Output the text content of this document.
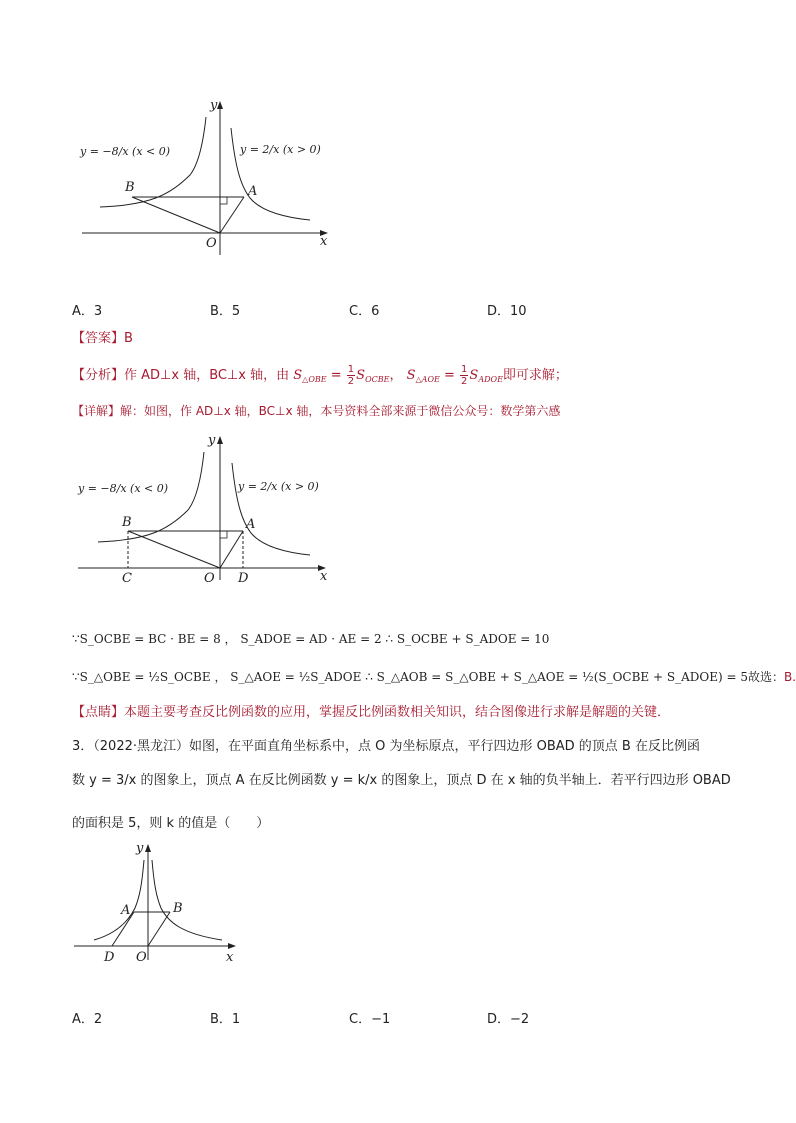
y = −8/x (x < 0)	y = 2/x (x > 0)
B	A
O	x
y
A．3	B．5	C．6	D．10
【答案】B
【分析】作 AD⊥x 轴，BC⊥x 轴，由 $S_{\triangle OBE} = \frac{1}{2} S_{OCBE}$， $S_{\triangle AOE} = \frac{1}{2} S_{ADOE}$即可求解；
【详解】解：如图，作 AD⊥x 轴，BC⊥x 轴，本号资料全部来源于微信公众号：数学第六感
y = −8/x (x < 0)	y = 2/x (x > 0)
B	A
C	O D	x
y
∵S_OCBE = BC · BE = 8 ， S_ADOE = AD · AE = 2 ∴ S_OCBE + S_ADOE = 10
∵S_△OBE = ½S_OCBE ， S_△AOE = ½S_ADOE ∴ S_△AOB = S_△OBE + S_△AOE = ½(S_OCBE + S_ADOE) = 5故选：B.
【点睛】本题主要考查反比例函数的应用，掌握反比例函数相关知识，结合图像进行求解是解题的关键．
3．（2022·黑龙江）如图，在平面直角坐标系中，点 O 为坐标原点，平行四边形 OBAD 的顶点 B 在反比例函
数 y = 3/x 的图象上，顶点 A 在反比例函数 y = k/x 的图象上，顶点 D 在 x 轴的负半轴上．若平行四边形 OBAD
的面积是 5，则 k 的值是（　　）
A	B
D O	x
y
A．2	B．1	C．−1	D．−2
